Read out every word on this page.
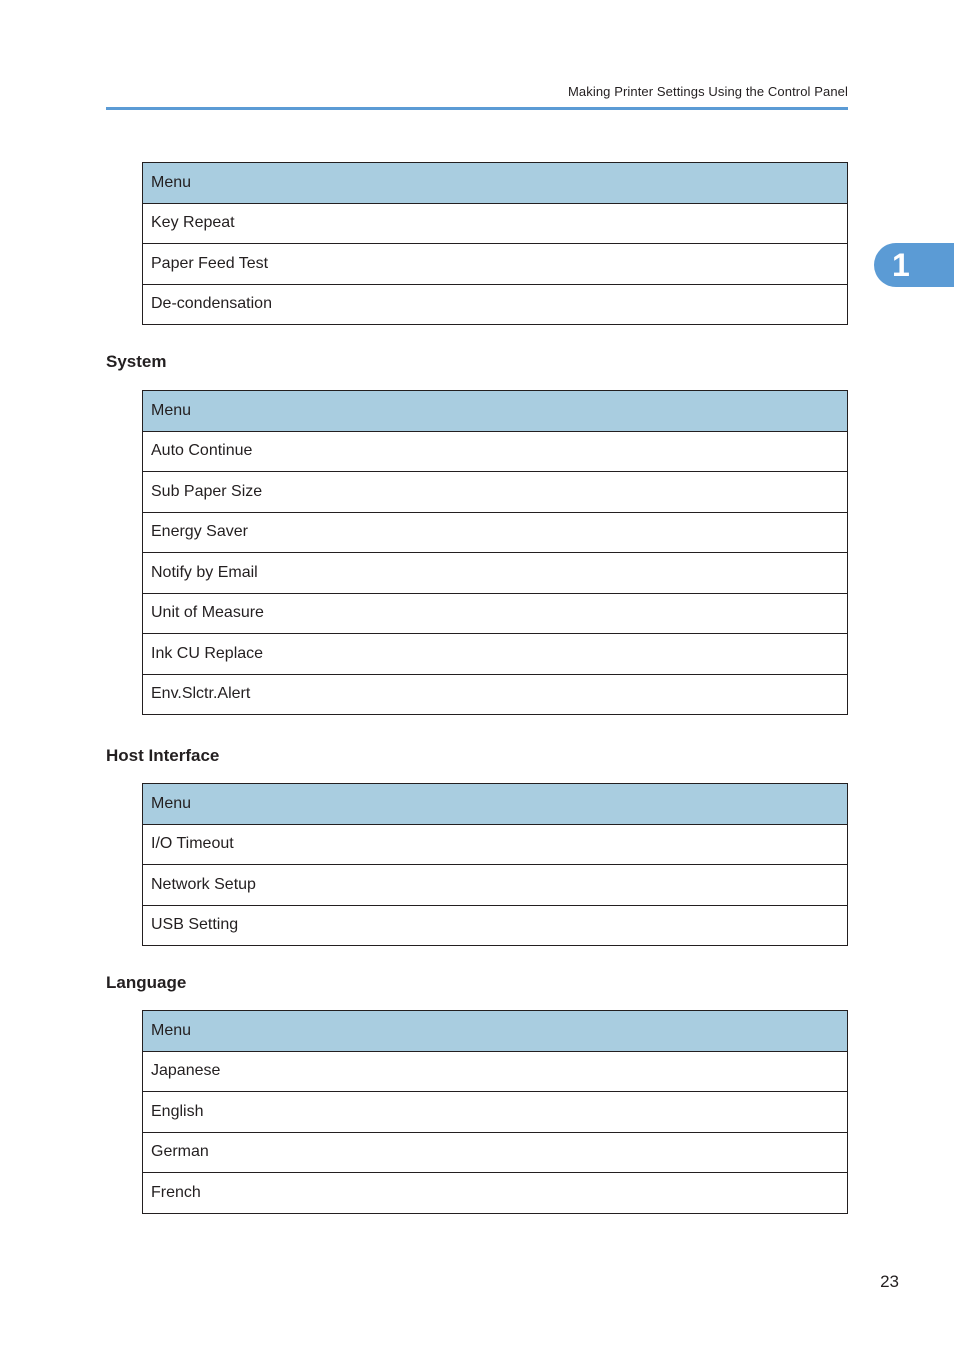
Making Printer Settings Using the Control Panel
1
Menu
Key Repeat
Paper Feed Test
De-condensation
System
Menu
Auto Continue
Sub Paper Size
Energy Saver
Notify by Email
Unit of Measure
Ink CU Replace
Env.Slctr.Alert
Host Interface
Menu
I/O Timeout
Network Setup
USB Setting
Language
Menu
Japanese
English
German
French
23
